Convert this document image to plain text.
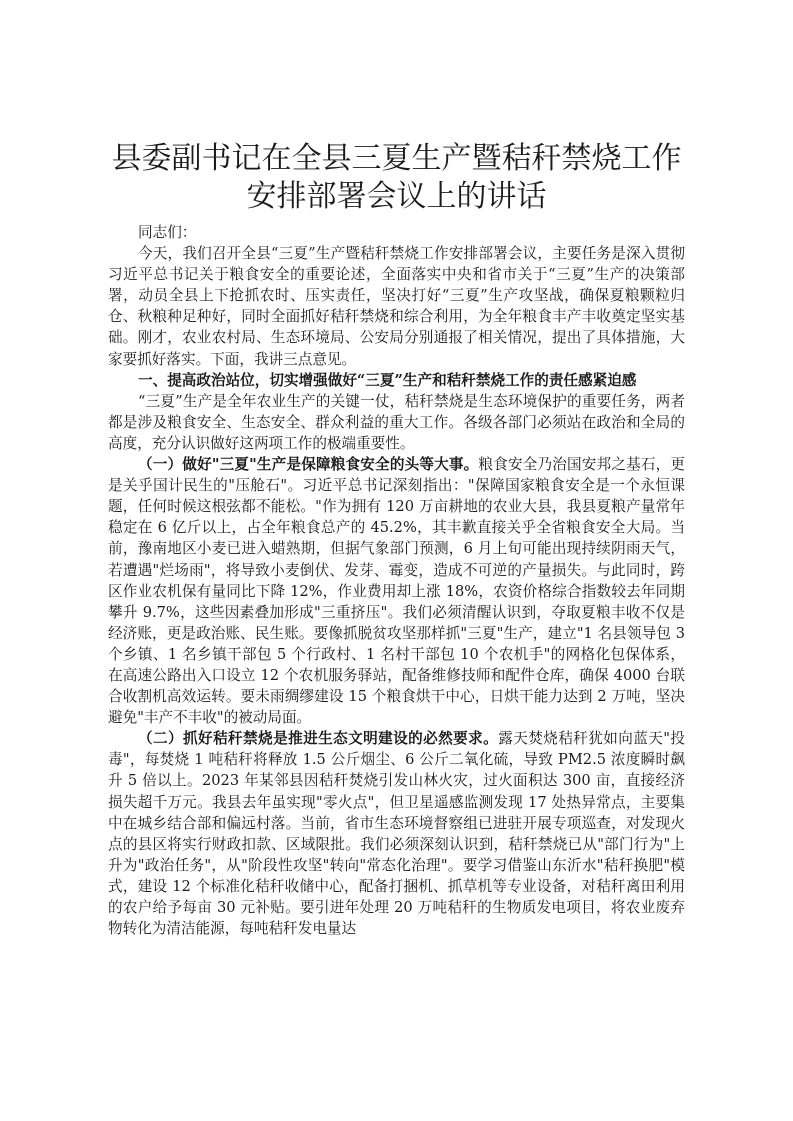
县委副书记在全县三夏生产暨秸秆禁烧工作安排部署会议上的讲话

同志们：

今天，我们召开全县“三夏”生产暨秸秆禁烧工作安排部署会议，主要任务是深入贯彻习近平总书记关于粮食安全的重要论述，全面落实中央和省市关于“三夏”生产的决策部署，动员全县上下抢抓农时、压实责任，坚决打好“三夏”生产攻坚战，确保夏粮颗粒归仓、秋粮种足种好，同时全面抓好秸秆禁烧和综合利用，为全年粮食丰产丰收奠定坚实基础。刚才，农业农村局、生态环境局、公安局分别通报了相关情况，提出了具体措施，大家要抓好落实。下面，我讲三点意见。

一、提高政治站位，切实增强做好“三夏”生产和秸秆禁烧工作的责任感紧迫感

“三夏”生产是全年农业生产的关键一仗，秸秆禁烧是生态环境保护的重要任务，两者都是涉及粮食安全、生态安全、群众利益的重大工作。各级各部门必须站在政治和全局的高度，充分认识做好这两项工作的极端重要性。

（一）做好"三夏"生产是保障粮食安全的头等大事。粮食安全乃治国安邦之基石，更是关乎国计民生的"压舱石"。习近平总书记深刻指出："保障国家粮食安全是一个永恒课题，任何时候这根弦都不能松。"作为拥有 120 万亩耕地的农业大县，我县夏粮产量常年稳定在 6 亿斤以上，占全年粮食总产的 45.2%，其丰歉直接关乎全省粮食安全大局。当前，豫南地区小麦已进入蜡熟期，但据气象部门预测，6 月上旬可能出现持续阴雨天气，若遭遇"烂场雨"，将导致小麦倒伏、发芽、霉变，造成不可逆的产量损失。与此同时，跨区作业农机保有量同比下降 12%，作业费用却上涨 18%，农资价格综合指数较去年同期攀升 9.7%，这些因素叠加形成"三重挤压"。我们必须清醒认识到，夺取夏粮丰收不仅是经济账，更是政治账、民生账。要像抓脱贫攻坚那样抓"三夏"生产，建立"1 名县领导包 3 个乡镇、1 名乡镇干部包 5 个行政村、1 名村干部包 10 个农机手"的网格化包保体系，在高速公路出入口设立 12 个农机服务驿站，配备维修技师和配件仓库，确保 4000 台联合收割机高效运转。要未雨绸缪建设 15 个粮食烘干中心，日烘干能力达到 2 万吨，坚决避免"丰产不丰收"的被动局面。

（二）抓好秸秆禁烧是推进生态文明建设的必然要求。露天焚烧秸秆犹如向蓝天"投毒"，每焚烧 1 吨秸秆将释放 1.5 公斤烟尘、6 公斤二氧化硫，导致 PM2.5 浓度瞬时飙升 5 倍以上。2023 年某邻县因秸秆焚烧引发山林火灾，过火面积达 300 亩，直接经济损失超千万元。我县去年虽实现"零火点"，但卫星遥感监测发现 17 处热异常点，主要集中在城乡结合部和偏远村落。当前，省市生态环境督察组已进驻开展专项巡查，对发现火点的县区将实行财政扣款、区域限批。我们必须深刻认识到，秸秆禁烧已从"部门行为"上升为"政治任务"，从"阶段性攻坚"转向"常态化治理"。要学习借鉴山东沂水"秸秆换肥"模式，建设 12 个标准化秸秆收储中心，配备打捆机、抓草机等专业设备，对秸秆离田利用的农户给予每亩 30 元补贴。要引进年处理 20 万吨秸秆的生物质发电项目，将农业废弃物转化为清洁能源，每吨秸秆发电量达
